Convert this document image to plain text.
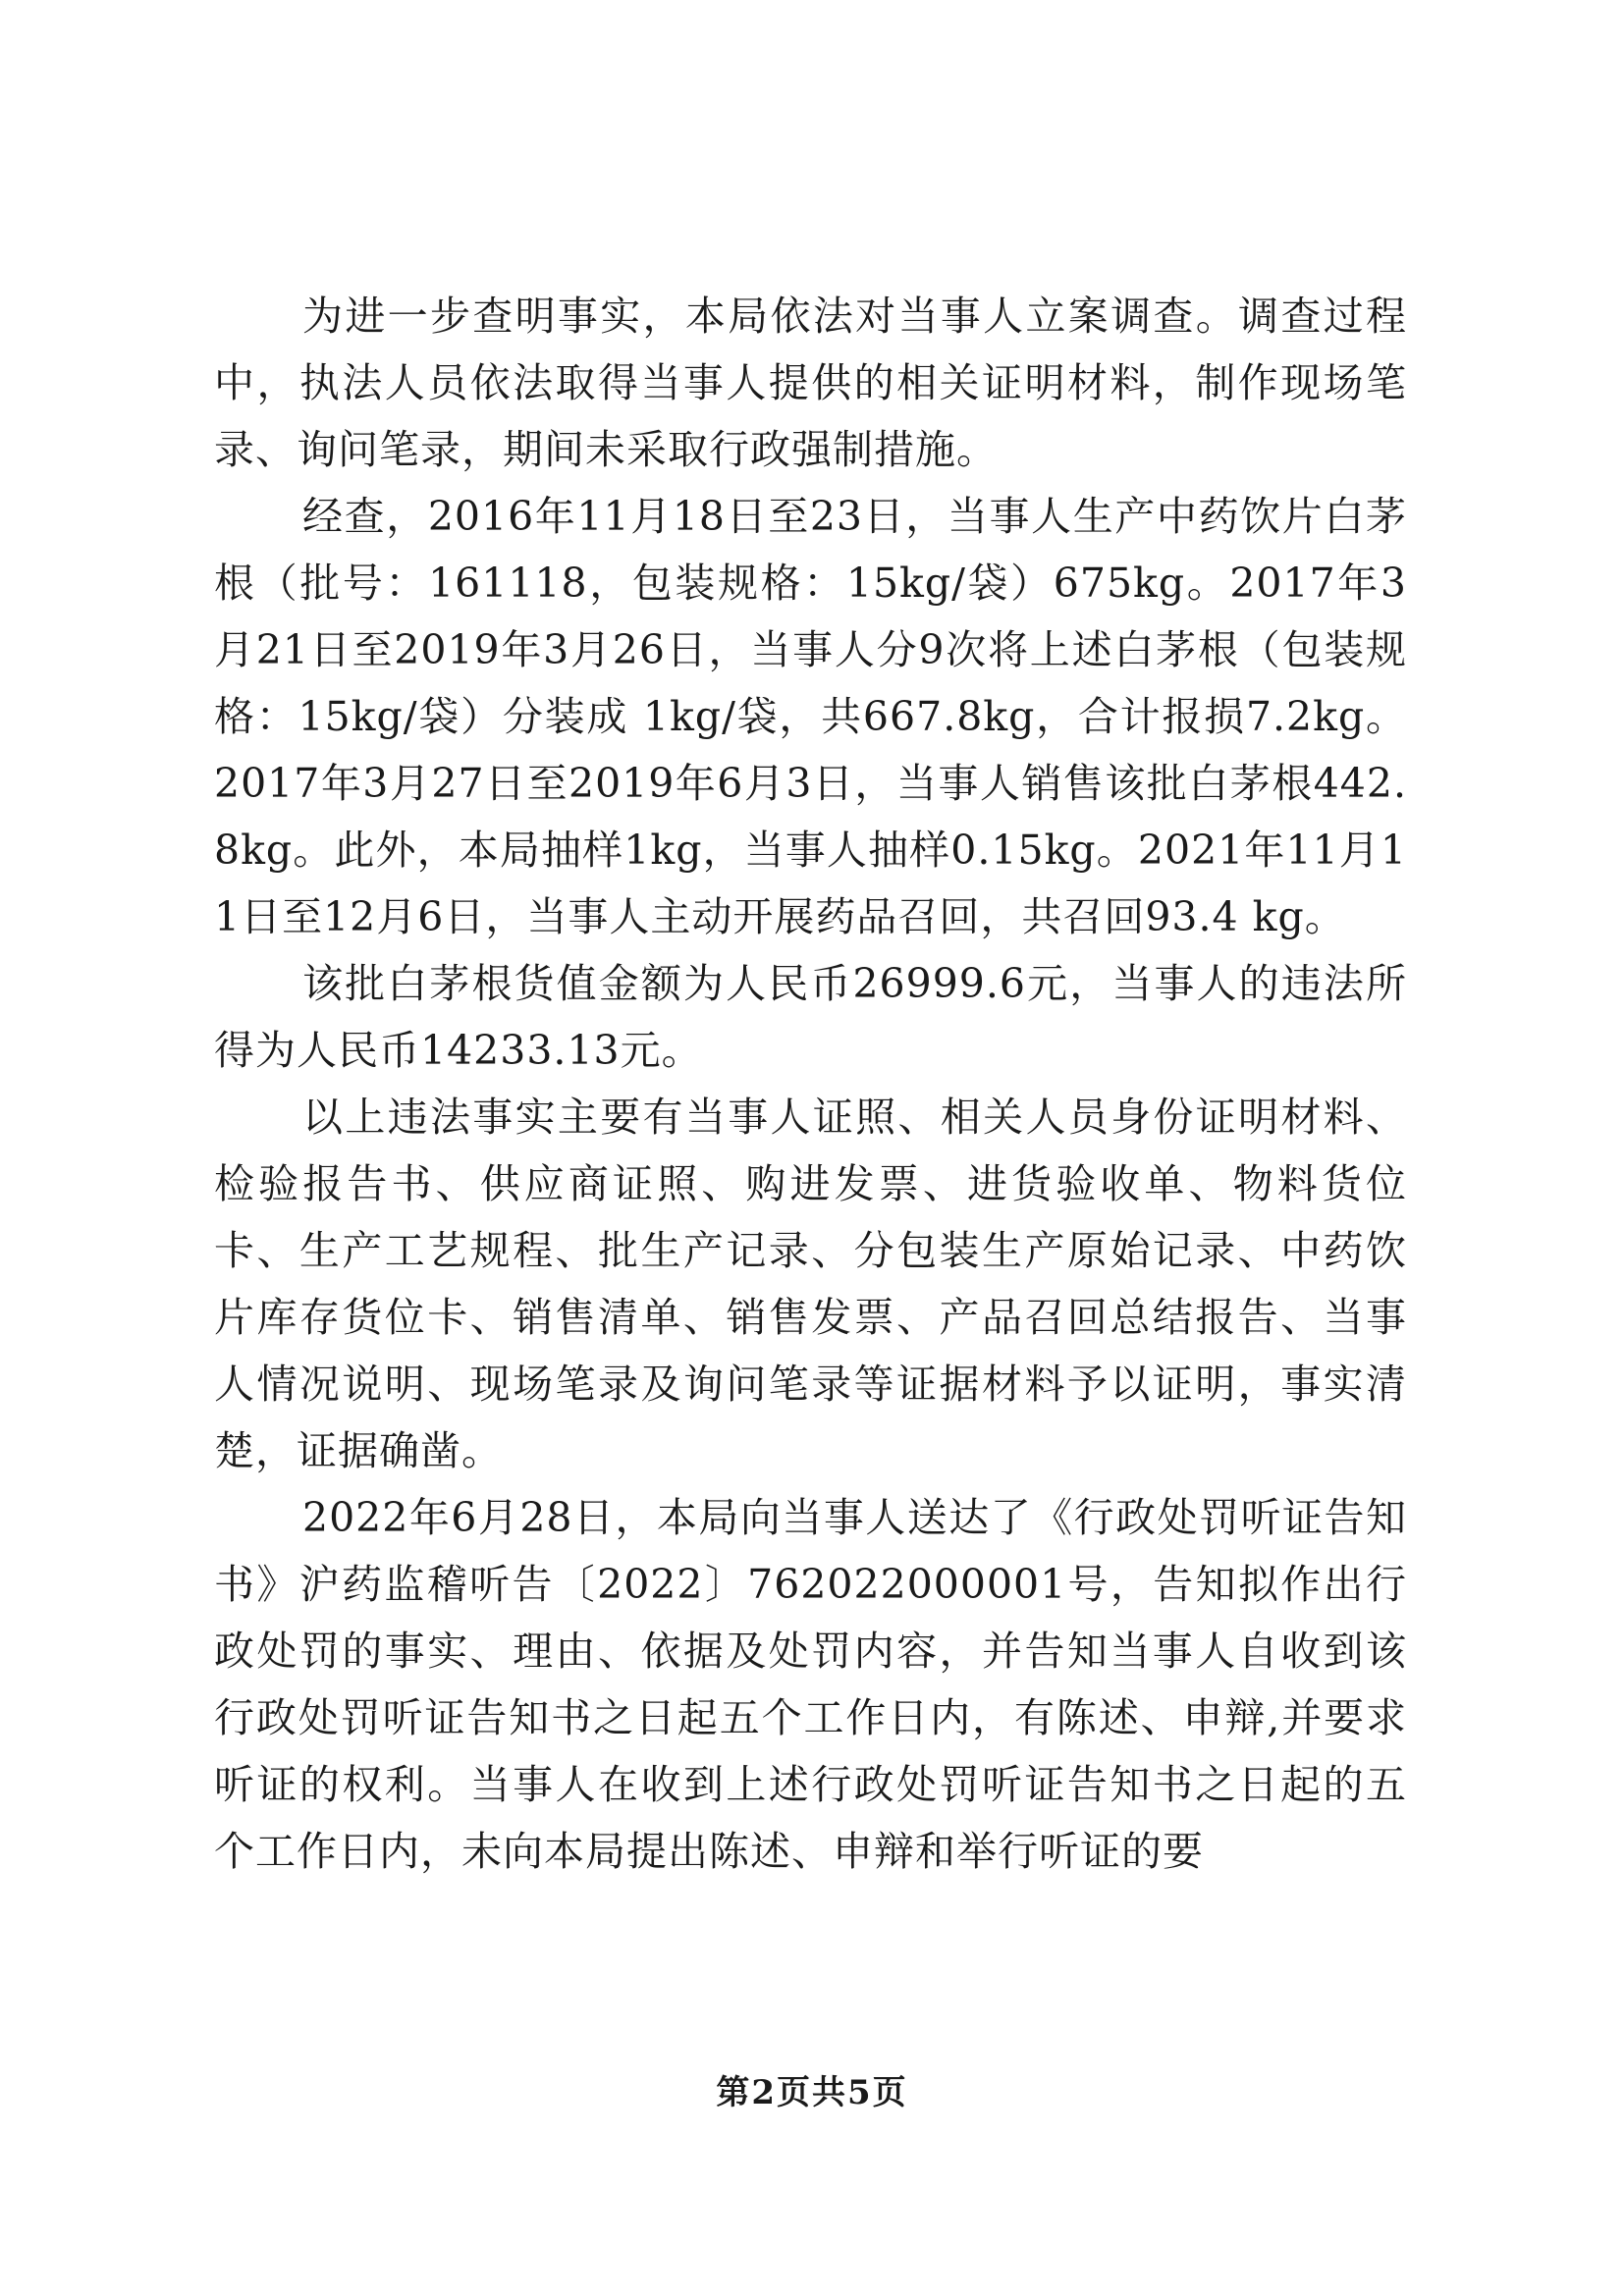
为进一步查明事实，本局依法对当事人立案调查。调查过程中，执法人员依法取得当事人提供的相关证明材料，制作现场笔录、询问笔录，期间未采取行政强制措施。

经查，2016年11月18日至23日，当事人生产中药饮片白茅根（批号：161118，包装规格：15kg/袋）675kg。2017年3月21日至2019年3月26日，当事人分9次将上述白茅根（包装规格：15kg/袋）分装成 1kg/袋，共667.8kg，合计报损7.2kg。2017年3月27日至2019年6月3日，当事人销售该批白茅根442.8kg。此外，本局抽样1kg，当事人抽样0.15kg。2021年11月11日至12月6日，当事人主动开展药品召回，共召回93.4 kg。

该批白茅根货值金额为人民币26999.6元，当事人的违法所得为人民币14233.13元。

以上违法事实主要有当事人证照、相关人员身份证明材料、检验报告书、供应商证照、购进发票、进货验收单、物料货位卡、生产工艺规程、批生产记录、分包装生产原始记录、中药饮片库存货位卡、销售清单、销售发票、产品召回总结报告、当事人情况说明、现场笔录及询问笔录等证据材料予以证明，事实清楚，证据确凿。

2022年6月28日，本局向当事人送达了《行政处罚听证告知书》沪药监稽听告〔2022〕762022000001号，告知拟作出行政处罚的事实、理由、依据及处罚内容，并告知当事人自收到该行政处罚听证告知书之日起五个工作日内，有陈述、申辩,并要求听证的权利。当事人在收到上述行政处罚听证告知书之日起的五个工作日内，未向本局提出陈述、申辩和举行听证的要

第2页共5页
